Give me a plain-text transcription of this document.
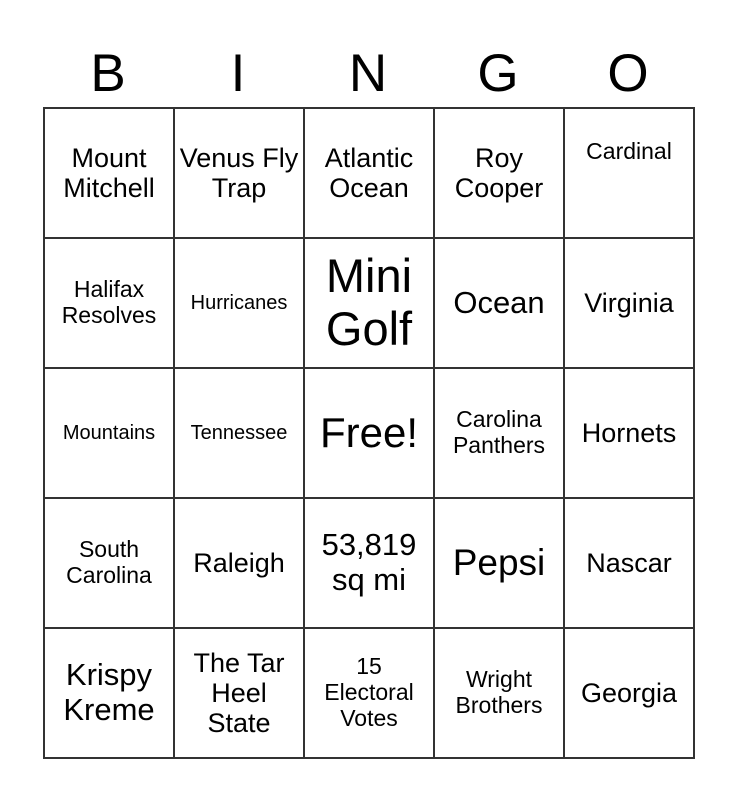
B	I	N	G	O
Mount Mitchell	Venus Fly Trap	Atlantic Ocean	Roy Cooper	Cardinal
Halifax Resolves	Hurricanes	Mini Golf	Ocean	Virginia
Mountains	Tennessee	Free!	Carolina Panthers	Hornets
South Carolina	Raleigh	53,819 sq mi	Pepsi	Nascar
Krispy Kreme	The Tar Heel State	15 Electoral Votes	Wright Brothers	Georgia
